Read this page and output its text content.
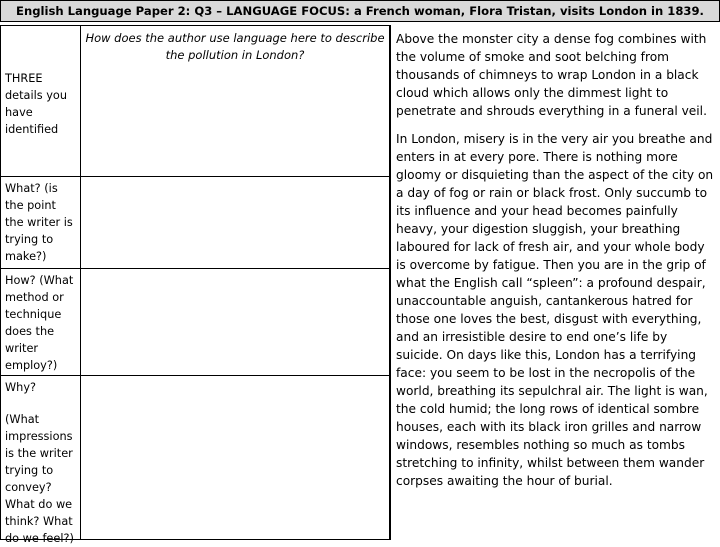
English Language Paper 2: Q3 – LANGUAGE FOCUS: a French woman, Flora Tristan, visits London in 1839.
THREE details you have identified
How does the author use language here to describe the pollution in London?
What? (is the point the writer is trying to make?)
How? (What method or technique does the writer employ?)
Why?
(What impressions is the writer trying to convey? What do we think? What do we feel?)

Above the monster city a dense fog combines with the volume of smoke and soot belching from thousands of chimneys to wrap London in a black cloud which allows only the dimmest light to penetrate and shrouds everything in a funeral veil.

In London, misery is in the very air you breathe and enters in at every pore. There is nothing more gloomy or disquieting than the aspect of the city on a day of fog or rain or black frost. Only succumb to its influence and your head becomes painfully heavy, your digestion sluggish, your breathing laboured for lack of fresh air, and your whole body is overcome by fatigue. Then you are in the grip of what the English call “spleen”: a profound despair, unaccountable anguish, cantankerous hatred for those one loves the best, disgust with everything, and an irresistible desire to end one’s life by suicide. On days like this, London has a terrifying face: you seem to be lost in the necropolis of the world, breathing its sepulchral air. The light is wan, the cold humid; the long rows of identical sombre houses, each with its black iron grilles and narrow windows, resembles nothing so much as tombs stretching to infinity, whilst between them wander corpses awaiting the hour of burial.
